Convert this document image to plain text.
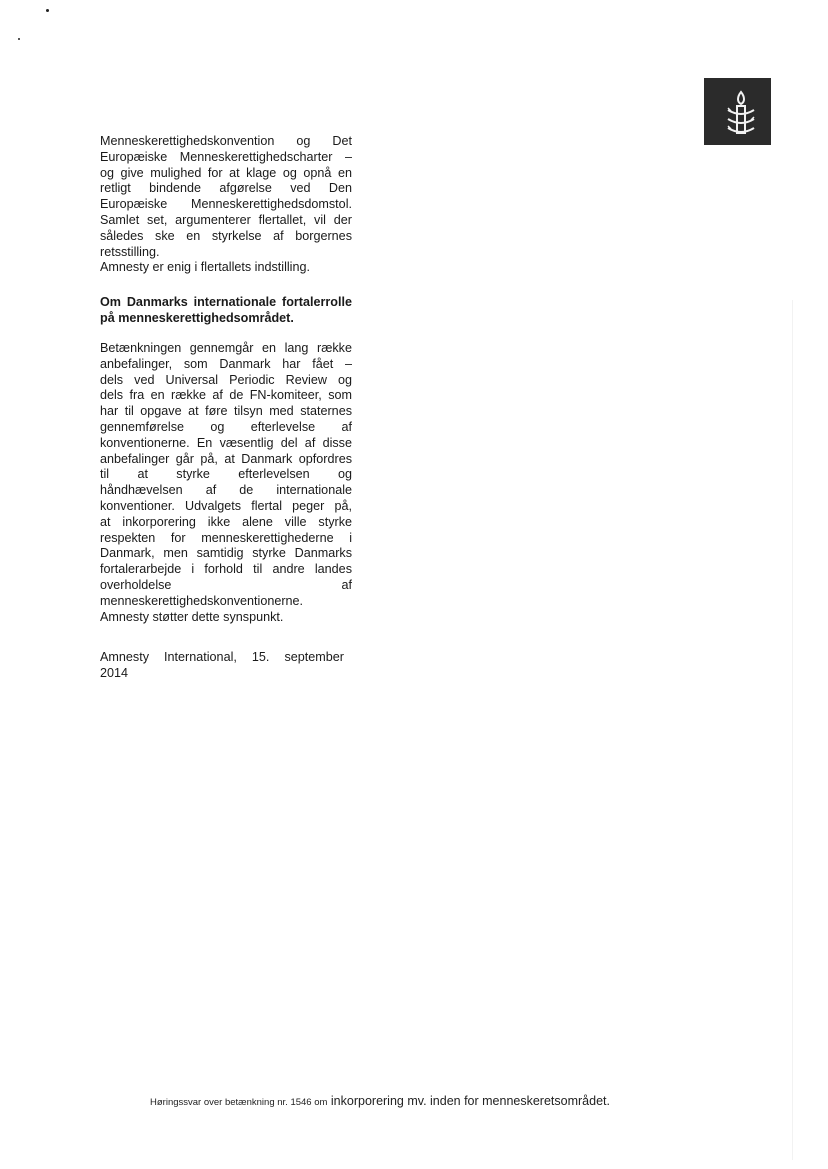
Menneskerettighedskonvention og Det
Europæiske Menneskerettighedscharter –
og give mulighed for at klage og opnå en
retligt bindende afgørelse ved Den
Europæiske Menneskerettighedsdomstol.
Samlet set, argumenterer flertallet, vil der
således ske en styrkelse af borgernes
retsstilling.
Amnesty er enig i flertallets indstilling.
Om Danmarks internationale fortalerrolle
på menneskerettighedsområdet.
Betænkningen gennemgår en lang række
anbefalinger, som Danmark har fået –
dels ved Universal Periodic Review og
dels fra en række af de FN-komiteer, som
har til opgave at føre tilsyn med staternes
gennemførelse og efterlevelse af
konventionerne. En væsentlig del af disse
anbefalinger går på, at Danmark opfordres
til at styrke efterlevelsen og
håndhævelsen af de internationale
konventioner. Udvalgets flertal peger på,
at inkorporering ikke alene ville styrke
respekten for menneskerettighederne i
Danmark, men samtidig styrke Danmarks
fortalerarbejde i forhold til andre landes
overholdelse af
menneskerettighedskonventionerne.
Amnesty støtter dette synspunkt.
Amnesty International, 15. september
2014
Høringssvar over betænkning nr. 1546 om inkorporering mv. inden for menneskeretsområdet.
